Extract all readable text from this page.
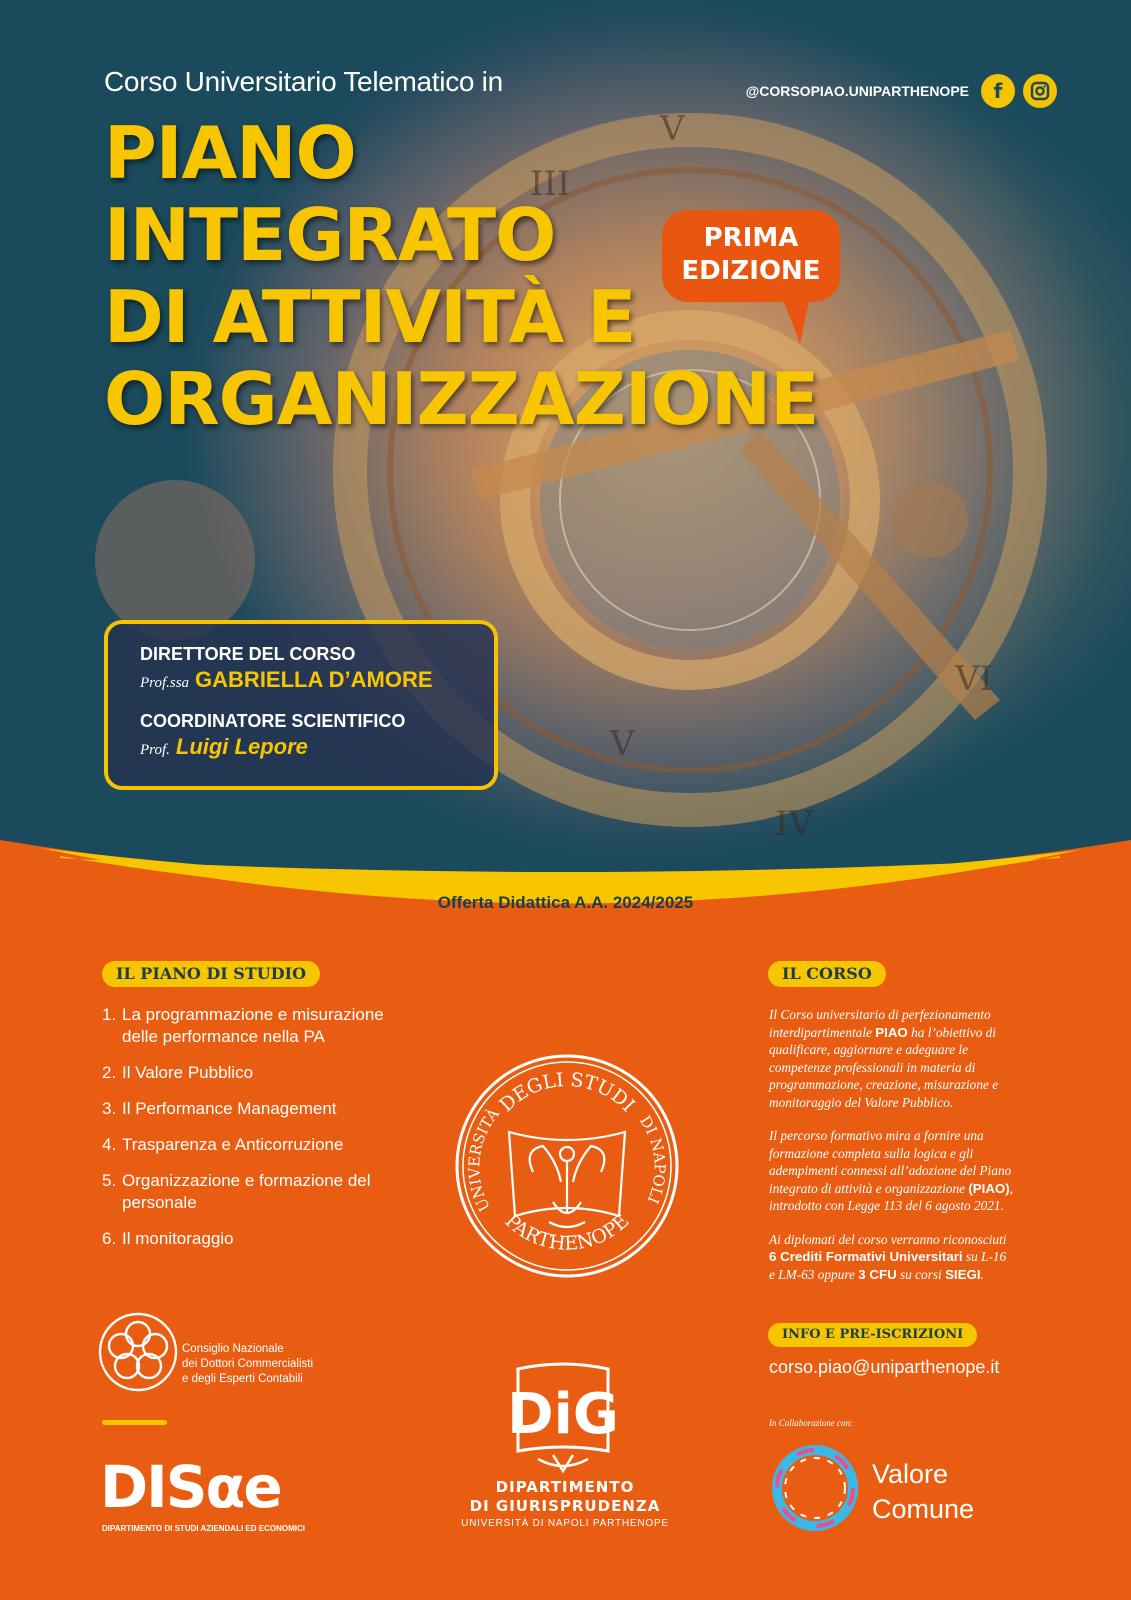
V
III
V
IV
VI
Corso Universitario Telematico in	@CORSOPIAO.UNIPARTHENOPE	f
PIANO
INTEGRATO
DI ATTIVITÀ E
ORGANIZZAZIONE
PRIMA
EDIZIONE
DIRETTORE DEL CORSO
Prof.ssa GABRIELLA D’AMORE
COORDINATORE SCIENTIFICO
Prof. Luigi Lepore
Offerta Didattica A.A. 2024/2025
IL PIANO DI STUDIO
1. La programmazione e misurazione delle performance nella PA
2. Il Valore Pubblico
3. Il Performance Management
4. Trasparenza e Anticorruzione
5. Organizzazione e formazione del personale
6. Il monitoraggio
DEGLI STUDI
PARTHENOPE
UNIVERSITÀ	DI NAPOLI
IL CORSO

Il Corso universitario di perfezionamento interdipartimentale PIAO ha l’obiettivo di qualificare, aggiornare e adeguare le competenze professionali in materia di programmazione, creazione, misurazione e monitoraggio del Valore Pubblico.

Il percorso formativo mira a fornire una formazione completa sulla logica e gli adempimenti connessi all’adozione del Piano integrato di attività e organizzazione (PIAO), introdotto con Legge 113 del 6 agosto 2021.

Ai diplomati del corso verranno riconosciuti 6 Crediti Formativi Universitari su L-16 e LM-63 oppure 3 CFU su corsi SIEGI.

INFO E PRE-ISCRIZIONI
corso.piao@uniparthenope.it
In Collaborazione con:
Consiglio Nazionale
dei Dottori Commercialisti
e degli Esperti Contabili
DISαe
DIPARTIMENTO DI STUDI AZIENDALI ED ECONOMICI
DiG
DIPARTIMENTO
DI GIURISPRUDENZA
UNIVERSITÀ DI NAPOLI PARTHENOPE
Valore
Comune
